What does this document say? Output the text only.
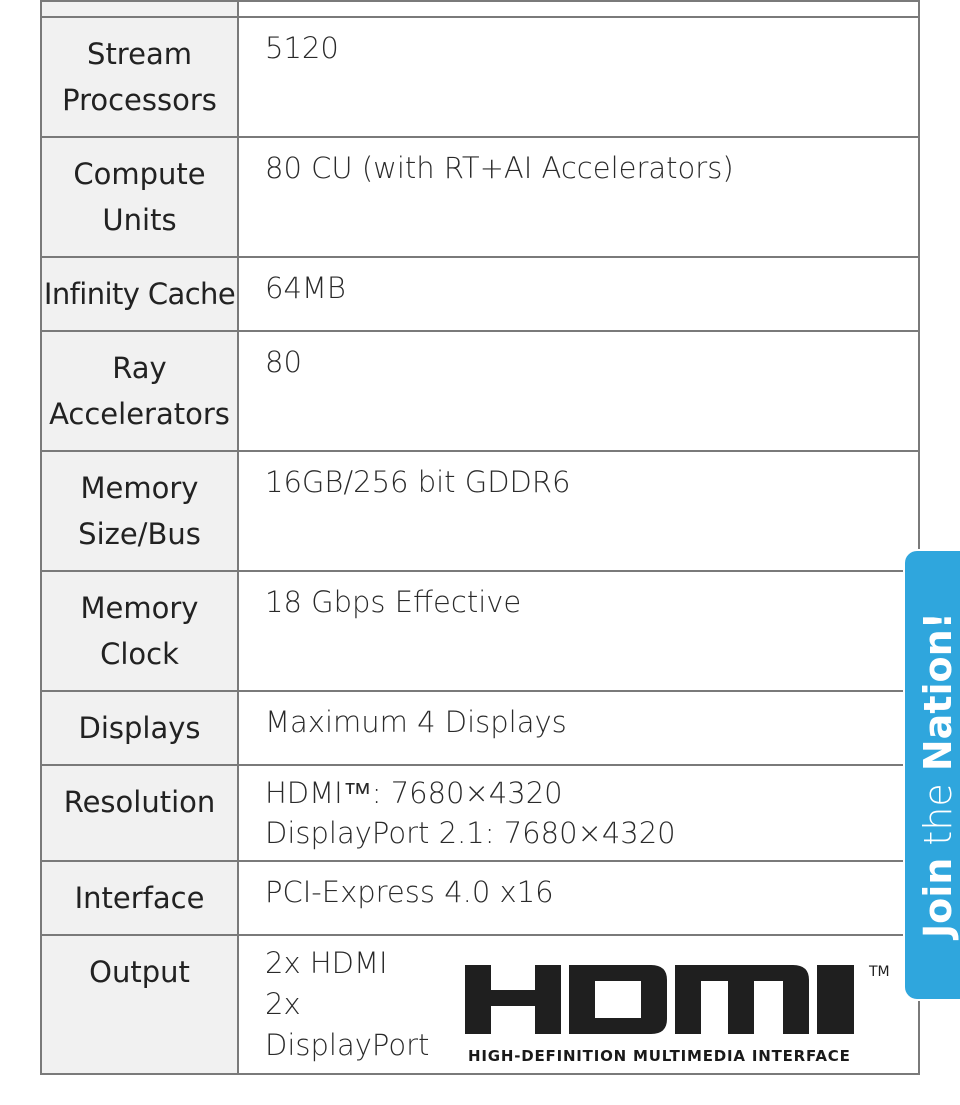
Stream Processors	5120
Compute Units	80 CU (with RT+AI Accelerators)
Infinity Cache	64MB
Ray Accelerators	80
Memory Size/Bus	16GB/256 bit GDDR6
Memory Clock	18 Gbps Effective
Displays	Maximum 4 Displays
Resolution	HDMI™: 7680×4320
DisplayPort 2.1: 7680×4320

Interface	PCI-Express 4.0 x16
Output	2x HDMI
2x
DisplayPort
TM
HIGH-DEFINITION MULTIMEDIA INTERFACE
Join the Nation!
